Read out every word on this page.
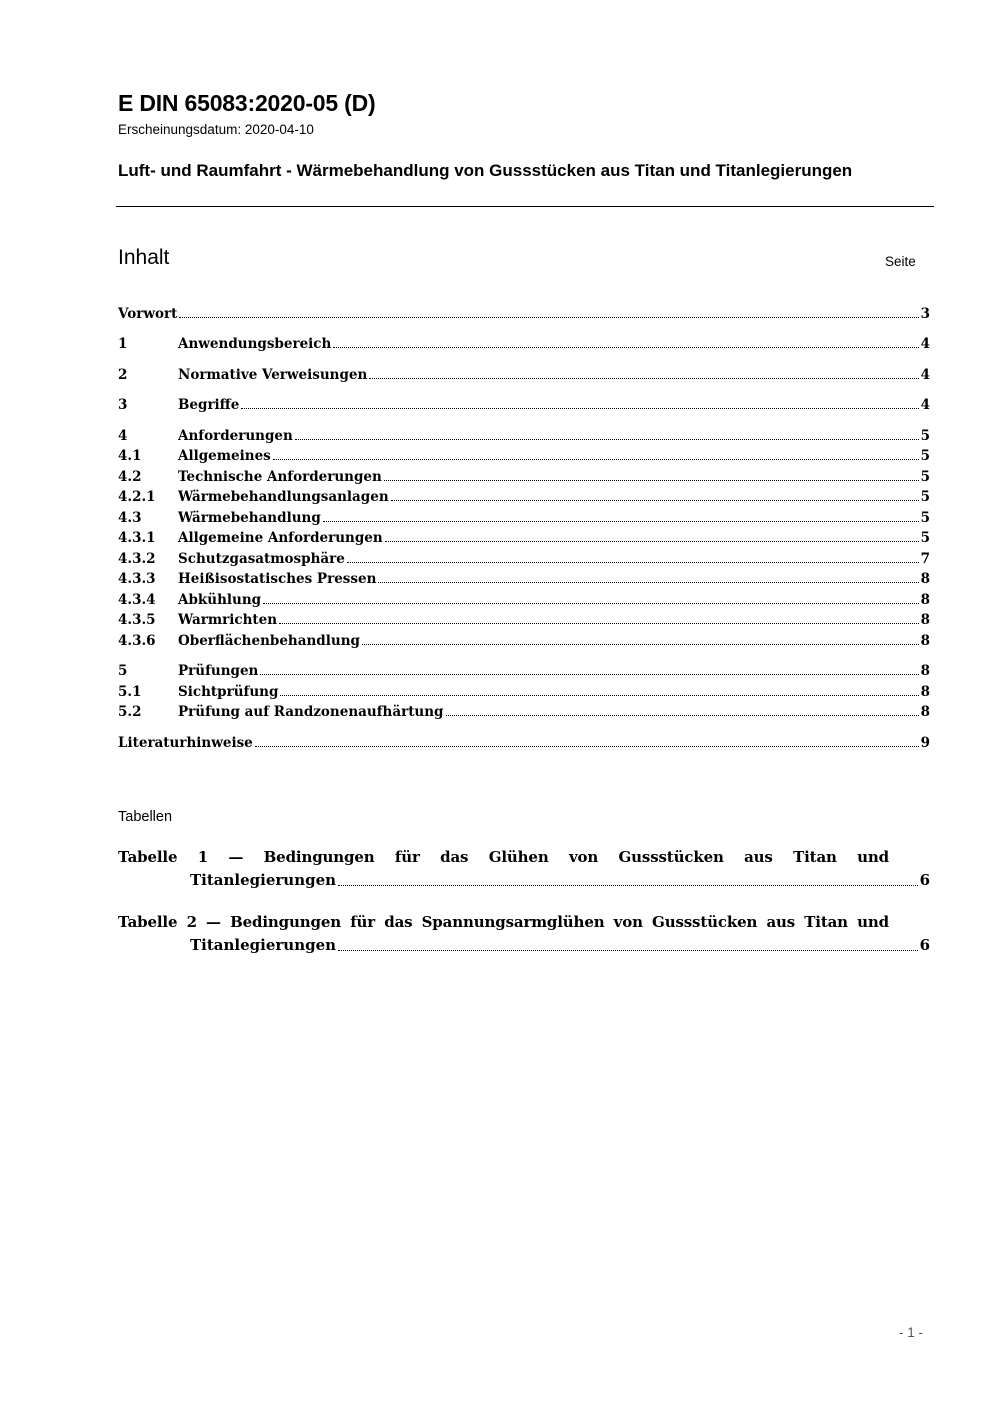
E DIN 65083:2020-05 (D)
Erscheinungsdatum: 2020-04-10
Luft- und Raumfahrt - Wärmebehandlung von Gussstücken aus Titan und Titanlegierungen
Inhalt	Seite
Vorwort	3
1	Anwendungsbereich	4
2	Normative Verweisungen	4
3	Begriffe	4
4	Anforderungen	5
4.1	Allgemeines	5
4.2	Technische Anforderungen	5
4.2.1	Wärmebehandlungsanlagen	5
4.3	Wärmebehandlung	5
4.3.1	Allgemeine Anforderungen	5
4.3.2	Schutzgasatmosphäre	7
4.3.3	Heißisostatisches Pressen	8
4.3.4	Abkühlung	8
4.3.5	Warmrichten	8
4.3.6	Oberflächenbehandlung	8
5	Prüfungen	8
5.1	Sichtprüfung	8
5.2	Prüfung auf Randzonenaufhärtung	8
Literaturhinweise	9
Tabellen
Tabelle 1 — Bedingungen für das Glühen von Gussstücken aus Titan und
Titanlegierungen	6
Tabelle 2 — Bedingungen für das Spannungsarmglühen von Gussstücken aus Titan und
Titanlegierungen	6
- 1 -
